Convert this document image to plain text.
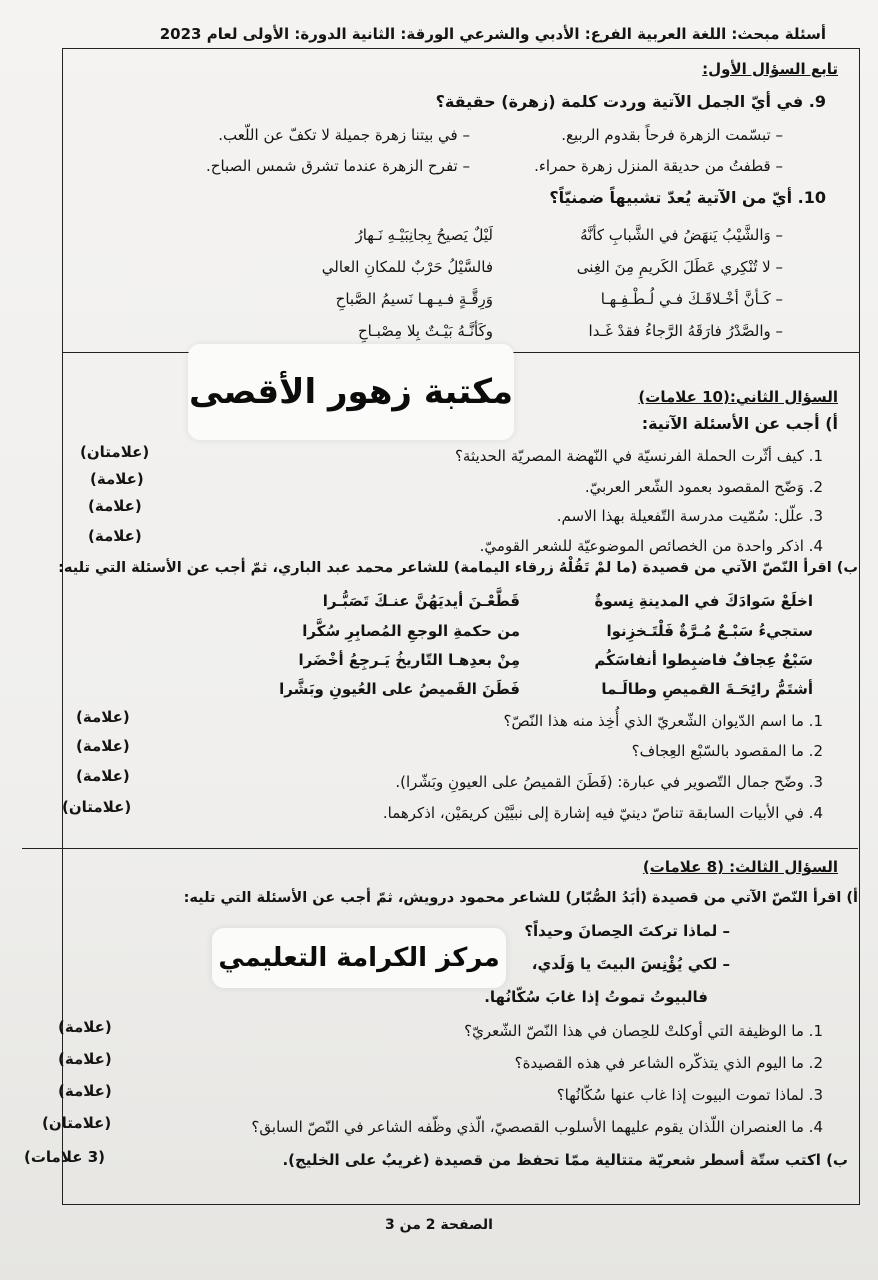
أسئلة مبحث: اللغة العربية الفرع: الأدبي والشرعي الورقة: الثانية الدورة: الأولى لعام 2023
تابع السؤال الأول:
9. في أيّ الجمل الآتية وردت كلمة (زهرة) حقيقة؟
– تبسّمت الزهرة فرحاً بقدوم الربيع.
– في بيتنا زهرة جميلة لا تكفّ عن اللّعب.
– قطفتُ من حديقة المنزل زهرة حمراء.
– تفرح الزهرة عندما تشرق شمس الصباح.
10. أيّ من الآتية يُعدّ تشبيهاً ضمنيّاً؟
– وَالشَّيْبُ يَنهَضُ في الشَّبابِ كأنَّهُ
لَيْلٌ يَصيحُ بِجانِبَيْـهِ نَـهارُ
– لا تُنْكِري عَطَلَ الكَريمِ مِنَ الغِنى
فالسَّيْلُ حَرْبٌ للمكانِ العالي
– كَـأنَّ أخْـلاقَـكَ فـي لُـطْـفِـهـا
وَرِقَّـةٍ فـيـهـا نَسيمُ الصَّباحِ
– والصَّدْرُ فارَقَهُ الرَّجاءُ فقدْ غَـدا
وكَأنَّـهُ بَيْـتٌ بِلا مِصْبـاحِ
مكتبة زهور الأقصى	السؤال الثاني:(10 علامات)
أ) أجب عن الأسئلة الآتية:
1. كيف أثّرت الحملة الفرنسيّة في النّهضة المصريّة الحديثة؟
(علامتان)
2. وَضّح المقصود بعمود الشّعر العربيّ.
(علامة)
3. علّل: سُمّيت مدرسة التّفعيلة بهذا الاسم.
(علامة)
4. اذكر واحدة من الخصائص الموضوعيّة للشعر القوميّ.
(علامة)
ب) اقرأ النّصّ الآتي من قصيدة (ما لمْ تَقُلْهُ زرقاء اليمامة) للشاعر محمد عبد الباري، ثمّ أجب عن الأسئلة التي تليه:
اخلَعْ سَوادَكَ في المدينةِ نِسوةٌ
قَطَّعْـنَ أيديَهُنَّ عنـكَ تَصَبُّـرا
ستجيءُ سَبْـعٌ مُـرَّةٌ فَلْتَـخزِنوا
من حكمةِ الوجعِ المُصابِرِ سُكَّرا
سَبْعٌ عِجافٌ فاضبِطوا أنفاسَكُم
مِنْ بعدِهـا التّاريخُ يَـرجِعُ أخْضَرا
أشتَمُّ رائِحَـةَ القميصِ وطالَـما
فَطَنَ القَميصُ على العُيونِ وبَشَّرا
1. ما اسم الدّيوان الشّعريّ الذي أُخِذ منه هذا النّصّ؟
(علامة)
2. ما المقصود بالسّبْع العِجاف؟
(علامة)
3. وضّح جمال التّصوير في عبارة: (فَطَنَ القميصُ على العيونِ وبَشّرا).
(علامة)
4. في الأبيات السابقة تناصّ دينيّ فيه إشارة إلى نبيَّيْن كريمَيْن، اذكرهما.
(علامتان)
السؤال الثالث: (8 علامات)
أ) اقرأ النّصّ الآتي من قصيدة (أبَدُ الصُّبّار) للشاعر محمود درويش، ثمّ أجب عن الأسئلة التي تليه:
– لماذا تركتَ الحِصانَ وحيداً؟
– لكي يُؤْنِسَ البيتَ يا وَلَدي،
فالبيوتُ تموتُ إذا غابَ سُكّانُها.
مركز الكرامة التعليمي
1. ما الوظيفة التي أوكلتْ للحِصان في هذا النّصّ الشّعريّ؟
(علامة)
2. ما اليوم الذي يتذكّره الشاعر في هذه القصيدة؟
(علامة)
3. لماذا تموت البيوت إذا غاب عنها سُكّانُها؟
(علامة)
4. ما العنصران اللّذان يقوم عليهما الأسلوب القصصيّ، الّذي وظّفه الشاعر في النّصّ السابق؟
(علامتان)
ب) اكتب ستّة أسطر شعريّة متتالية ممّا تحفظ من قصيدة (غريبٌ على الخليج).
(3 علامات)
الصفحة 2 من 3
